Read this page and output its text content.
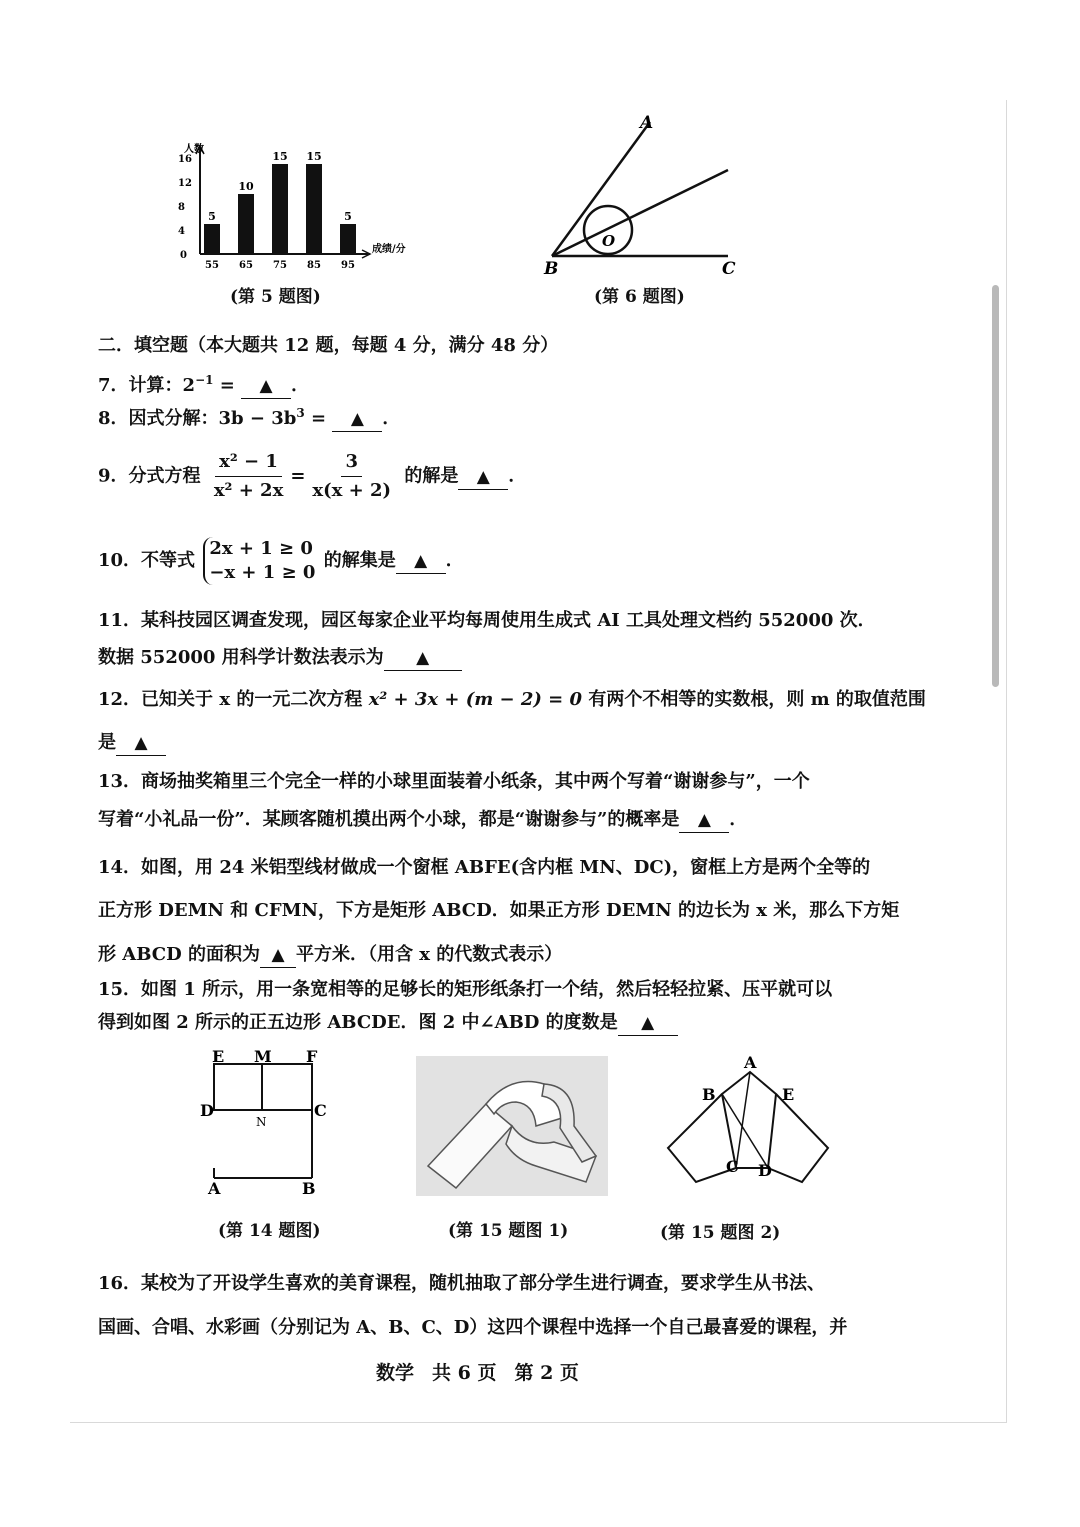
人数
成绩/分
0
4
8
12
16
5
55
10
65
15
75
15
85
5
95
(第 5 题图)
A
B	C
O
(第 6 题图)
二．填空题（本大题共 12 题，每题 4 分，满分 48 分）
7．计算：$2^{-1}$ = ▲ ．
8．因式分解：$3b - 3b^3$ = ▲ ．
9．分式方程 $\frac{\text{x² − 1}}{\text{x² + 2x}} = \frac{3}{x(x + 2)}$ 的解是 ▲ ．
10．不等式
2x + 1 ≥ 0
−x + 1 ≥ 0
的解集是 ▲ ．
11．某科技园区调查发现，园区每家企业平均每周使用生成式 AI 工具处理文档约 552000 次．
数据 552000 用科学计数法表示为 ▲
12．已知关于 x 的一元二次方程 x² + 3x + (m − 2) = 0 有两个不相等的实数根，则 m 的取值范围
是 ▲
13．商场抽奖箱里三个完全一样的小球里面装着小纸条，其中两个写着“谢谢参与”，一个
写着“小礼品一份”．某顾客随机摸出两个小球，都是“谢谢参与”的概率是 ▲ ．
14．如图，用 24 米铝型线材做成一个窗框 ABFE(含内框 MN、DC)，窗框上方是两个全等的
正方形 DEMN 和 CFMN，下方是矩形 ABCD．如果正方形 DEMN 的边长为 x 米，那么下方矩
形 ABCD 的面积为 ▲ 平方米．（用含 x 的代数式表示）
15．如图 1 所示，用一条宽相等的足够长的矩形纸条打一个结，然后轻轻拉紧、压平就可以
得到如图 2 所示的正五边形 ABCDE．图 2 中∠ABD 的度数是 ▲
E M F
D
N
C
A	B
(第 14 题图)	(第 15 题图 1)
A
B	E
C D
(第 15 题图 2)
16．某校为了开设学生喜欢的美育课程，随机抽取了部分学生进行调查，要求学生从书法、
国画、合唱、水彩画（分别记为 A、B、C、D）这四个课程中选择一个自己最喜爱的课程，并
数学 共 6 页 第 2 页
